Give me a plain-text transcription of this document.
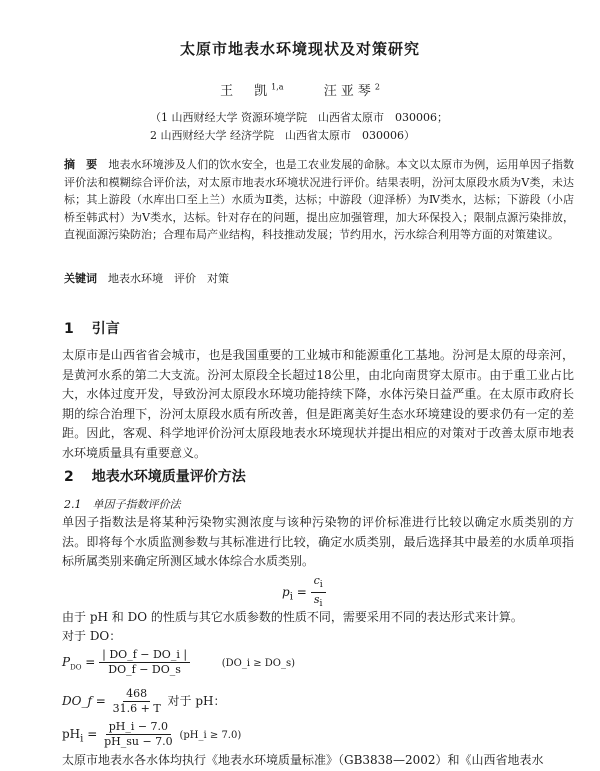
太原市地表水环境现状及对策研究
王　凯$^{1,a}$	汪亚琴$^2$
（1 山西财经大学 资源环境学院　山西省太原市　030006；
2 山西财经大学 经济学院　山西省太原市　030006）
摘　要　 地表水环境涉及人们的饮水安全，也是工农业发展的命脉。本文以太原市为例，运用单因子指数评价法和模糊综合评价法，对太原市地表水环境状况进行评价。结果表明，汾河太原段水质为Ⅴ类，未达标；其上游段（水库出口至上兰）水质为Ⅱ类，达标；中游段（迎泽桥）为Ⅳ类水，达标；下游段（小店桥至韩武村）为Ⅴ类水，达标。针对存在的问题，提出应加强管理，加大环保投入；限制点源污染排放，直视面源污染防治；合理布局产业结构，科技推动发展；节约用水，污水综合利用等方面的对策建议。
关键词　 地表水环境　评价　对策
1 引言
太原市是山西省省会城市，也是我国重要的工业城市和能源重化工基地。汾河是太原的母亲河，是黄河水系的第二大支流。汾河太原段全长超过18公里，由北向南贯穿太原市。由于重工业占比大，水体过度开发，导致汾河太原段水环境功能持续下降，水体污染日益严重。在太原市政府长期的综合治理下，汾河太原段水质有所改善，但是距离美好生态水环境建设的要求仍有一定的差距。因此，客观、科学地评价汾河太原段地表水环境现状并提出相应的对策对于改善太原市地表水环境质量具有重要意义。
2 地表水环境质量评价方法
2.1　 单因子指数评价法
单因子指数法是将某种污染物实测浓度与该种污染物的评价标准进行比较以确定水质类别的方法。即将每个水质监测参数与其标准进行比较，确定水质类别，最后选择其中最差的水质单项指标所属类别来确定所测区域水体综合水质类别。
$p_i = \frac{c_i}{s_i}$
由于 pH 和 DO 的性质与其它水质参数的性质不同，需要采用不同的表达形式来计算。
对于 DO：
$P_{DO} = \frac{| DO\_f - DO\_i |}{DO\_f - DO\_s}$	(DO_i ≥ DO_s)
DO_f = $\frac{468}{31.6 + T}$ 对于 pH：
$pH_i = \frac{pH\_i - 7.0}{pH\_su - 7.0}$ (pH_i ≥ 7.0)
太原市地表水各水体均执行《地表水环境质量标准》（GB3838—2002）和《山西省地表水
